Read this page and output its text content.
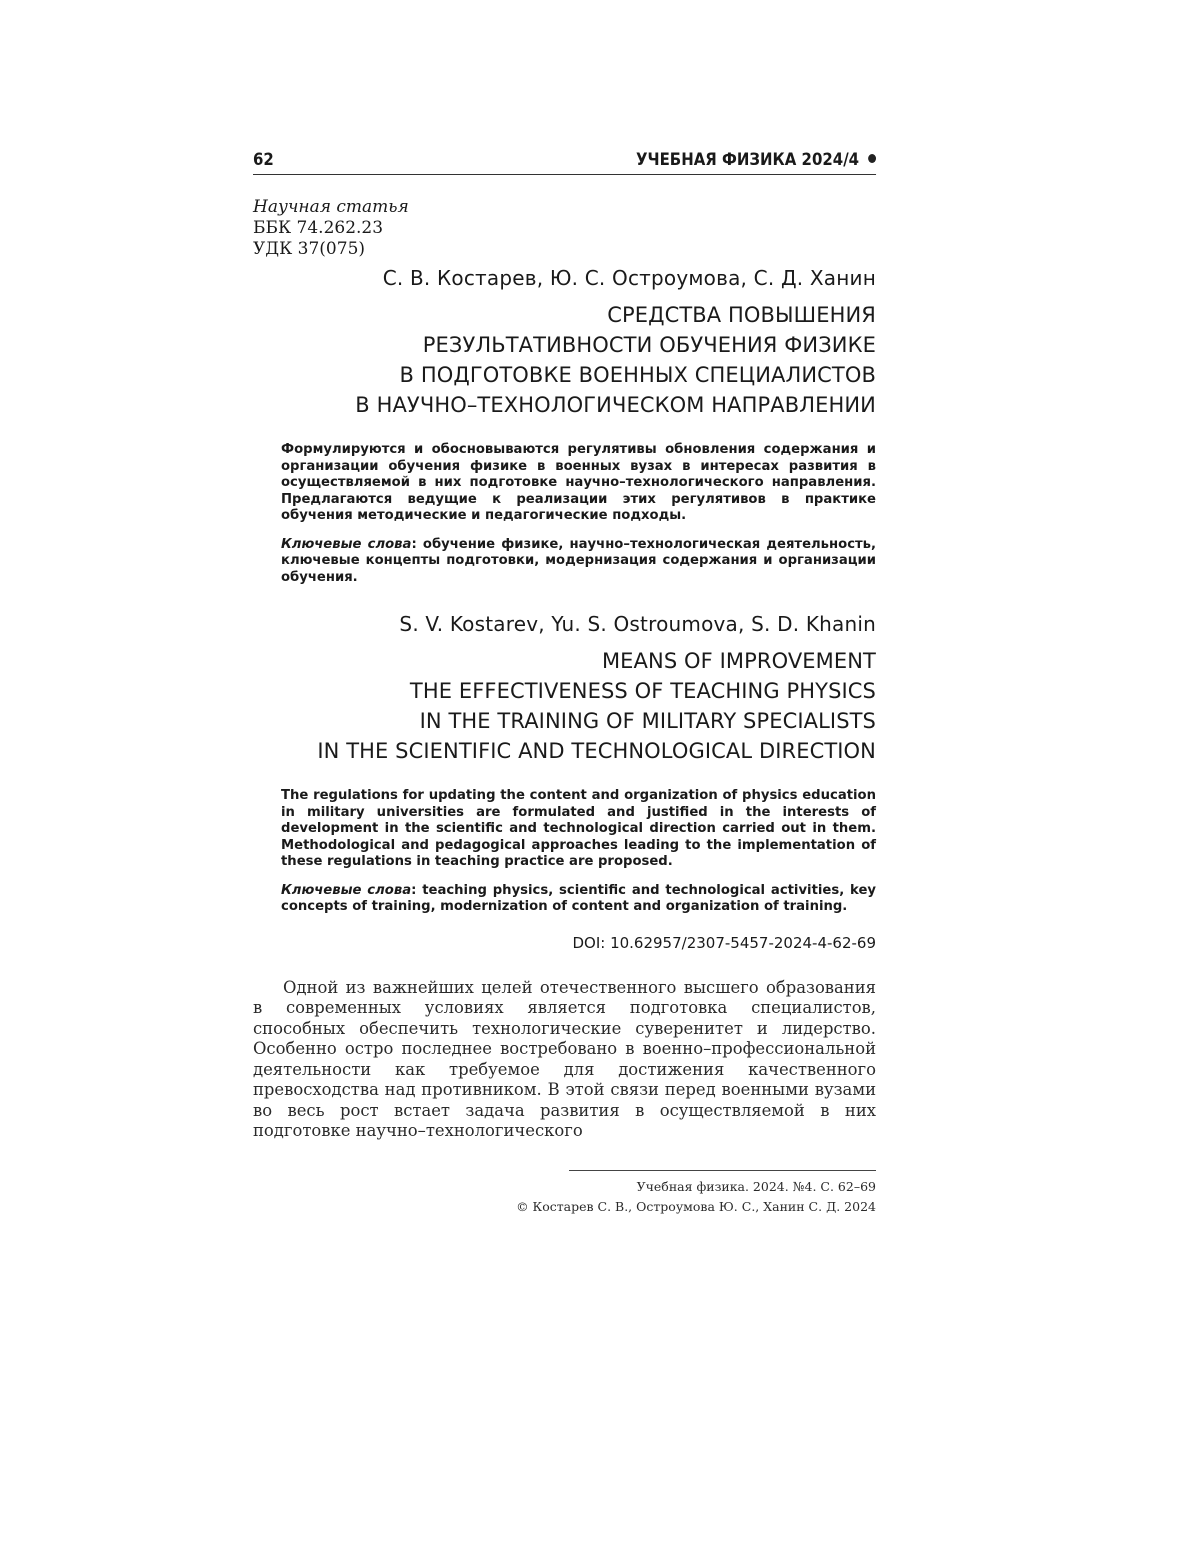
62	УЧЕБНАЯ ФИЗИКА 2024/4
Научная статья
ББК 74.262.23
УДК 37(075)
С. В. Костарев, Ю. С. Остроумова, С. Д. Ханин
СРЕДСТВА ПОВЫШЕНИЯ
РЕЗУЛЬТАТИВНОСТИ ОБУЧЕНИЯ ФИЗИКЕ
В ПОДГОТОВКЕ ВОЕННЫХ СПЕЦИАЛИСТОВ
В НАУЧНО–ТЕХНОЛОГИЧЕСКОМ НАПРАВЛЕНИИ
Формулируются и обосновываются регулятивы обновления содержания и организации обучения физике в военных вузах в интересах развития в осуществляемой в них подготовке научно–технологического направления. Предлагаются ведущие к реализации этих регулятивов в практике обучения методические и педагогические подходы.
Ключевые слова: обучение физике, научно–технологическая деятельность, ключевые концепты подготовки, модернизация содержания и организации обучения.
S. V. Kostarev, Yu. S. Ostroumova, S. D. Khanin
MEANS OF IMPROVEMENT
THE EFFECTIVENESS OF TEACHING PHYSICS
IN THE TRAINING OF MILITARY SPECIALISTS
IN THE SCIENTIFIC AND TECHNOLOGICAL DIRECTION
The regulations for updating the content and organization of physics education in military universities are formulated and justified in the interests of development in the scientific and technological direction carried out in them. Methodological and pedagogical approaches leading to the implementation of these regulations in teaching practice are proposed.
Ключевые слова: teaching physics, scientific and technological activities, key concepts of training, modernization of content and organization of training.
DOI: 10.62957/2307-5457-2024-4-62-69
Одной из важнейших целей отечественного высшего образования в современных условиях является подготовка специалистов, способных обеспечить технологические суверенитет и лидерство. Особенно остро последнее востребовано в военно–профессиональной деятельности как требуемое для достижения качественного превосходства над противником. В этой связи перед военными вузами во весь рост встает задача развития в осуществляемой в них подготовке научно–технологического
Учебная физика. 2024. №4. С. 62–69
© Костарев С. В., Остроумова Ю. С., Ханин С. Д. 2024
